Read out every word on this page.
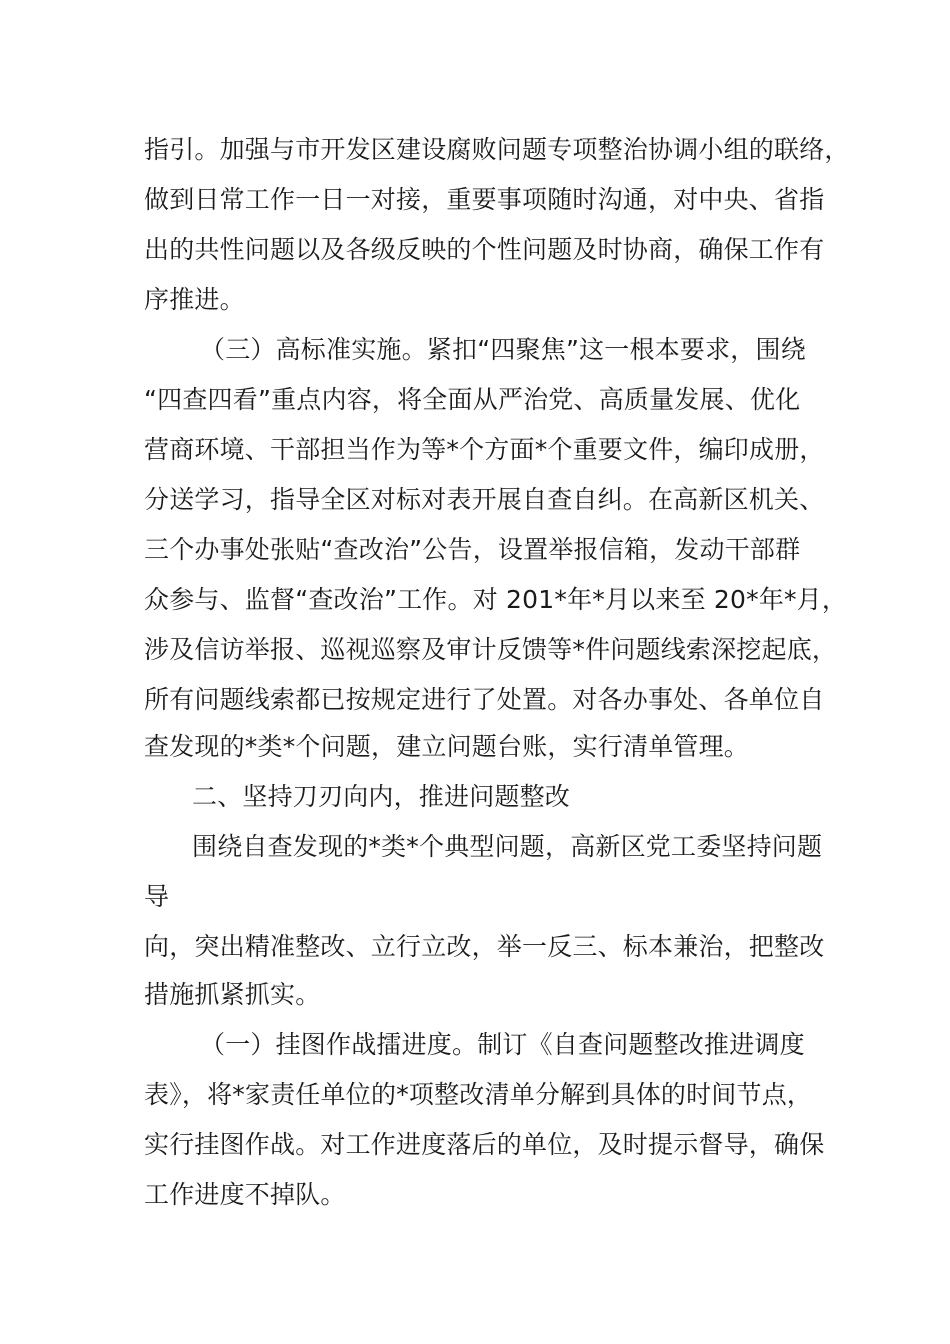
指引。加强与市开发区建设腐败问题专项整治协调小组的联络，
做到日常工作一日一对接，重要事项随时沟通，对中央、省指
出的共性问题以及各级反映的个性问题及时协商，确保工作有
序推进。
（三）高标准实施。紧扣“四聚焦”这一根本要求，围绕
“四查四看”重点内容，将全面从严治党、高质量发展、优化
营商环境、干部担当作为等*个方面*个重要文件，编印成册，
分送学习，指导全区对标对表开展自查自纠。在高新区机关、
三个办事处张贴“查改治”公告，设置举报信箱，发动干部群
众参与、监督“查改治”工作。对 201*年*月以来至 20*年*月，
涉及信访举报、巡视巡察及审计反馈等*件问题线索深挖起底，
所有问题线索都已按规定进行了处置。对各办事处、各单位自
查发现的*类*个问题，建立问题台账，实行清单管理。
二、坚持刀刃向内，推进问题整改
围绕自查发现的*类*个典型问题，高新区党工委坚持问题
导
向，突出精准整改、立行立改，举一反三、标本兼治，把整改
措施抓紧抓实。
（一）挂图作战擂进度。制订《自查问题整改推进调度
表》，将*家责任单位的*项整改清单分解到具体的时间节点，
实行挂图作战。对工作进度落后的单位，及时提示督导，确保
工作进度不掉队。
